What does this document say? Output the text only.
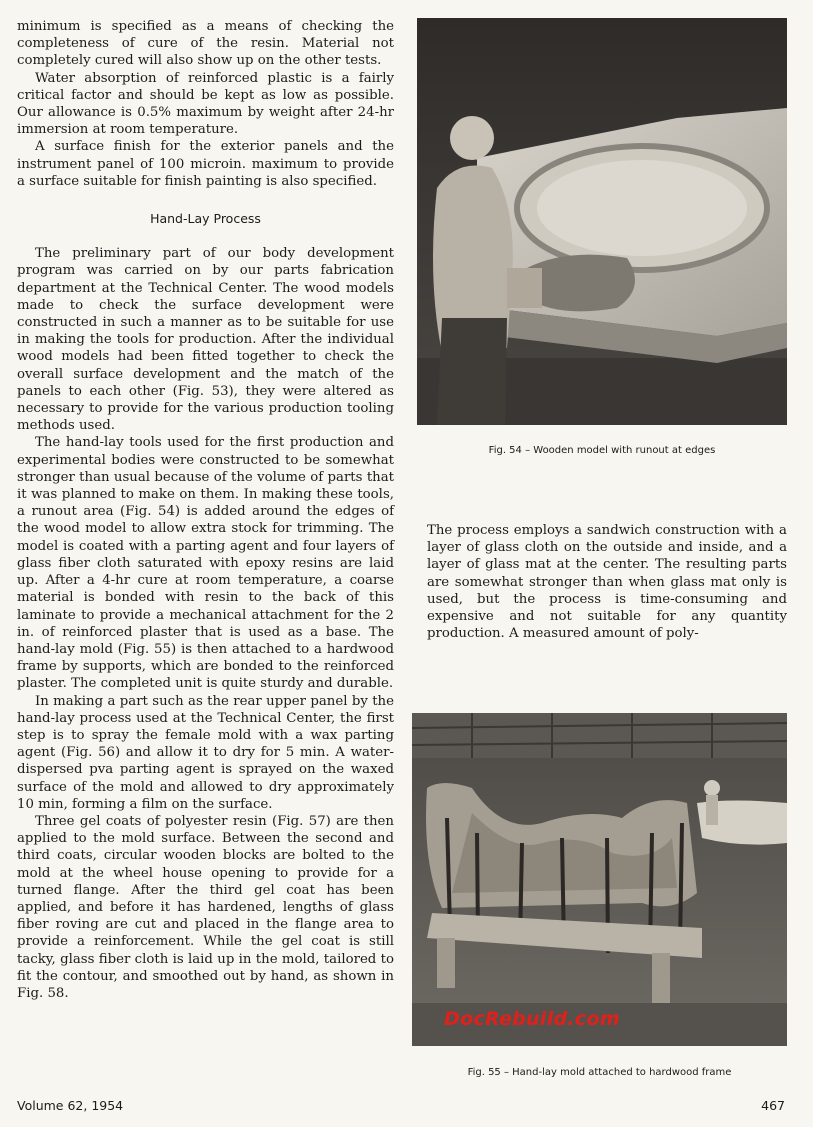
minimum is specified as a means of checking the completeness of cure of the resin. Material not completely cured will also show up on the other tests.

Water absorption of reinforced plastic is a fairly critical factor and should be kept as low as possible. Our allowance is 0.5% maximum by weight after 24-hr immersion at room temperature.

A surface finish for the exterior panels and the instrument panel of 100 microin. maximum to provide a surface suitable for finish painting is also specified.

Hand-Lay Process

The preliminary part of our body development program was carried on by our parts fabrication department at the Technical Center. The wood models made to check the surface development were constructed in such a manner as to be suitable for use in making the tools for production. After the individual wood models had been fitted together to check the overall surface development and the match of the panels to each other (Fig. 53), they were altered as necessary to provide for the various production tooling methods used.

The hand-lay tools used for the first production and experimental bodies were constructed to be somewhat stronger than usual because of the volume of parts that it was planned to make on them. In making these tools, a runout area (Fig. 54) is added around the edges of the wood model to allow extra stock for trimming. The model is coated with a parting agent and four layers of glass fiber cloth saturated with epoxy resins are laid up. After a 4-hr cure at room temperature, a coarse material is bonded with resin to the back of this laminate to provide a mechanical attachment for the 2 in. of reinforced plaster that is used as a base. The hand-lay mold (Fig. 55) is then attached to a hardwood frame by supports, which are bonded to the reinforced plaster. The completed unit is quite sturdy and durable.

In making a part such as the rear upper panel by the hand-lay process used at the Technical Center, the first step is to spray the female mold with a wax parting agent (Fig. 56) and allow it to dry for 5 min. A water-dispersed pva parting agent is sprayed on the waxed surface of the mold and allowed to dry approximately 10 min, forming a film on the surface.

Three gel coats of polyester resin (Fig. 57) are then applied to the mold surface. Between the second and third coats, circular wooden blocks are bolted to the mold at the wheel house opening to provide for a turned flange. After the third gel coat has been applied, and before it has hardened, lengths of glass fiber roving are cut and placed in the flange area to provide a reinforcement. While the gel coat is still tacky, glass fiber cloth is laid up in the mold, tailored to fit the contour, and smoothed out by hand, as shown in Fig. 58.

Fig. 54 – Wooden model with runout at edges

The process employs a sandwich construction with a layer of glass cloth on the outside and inside, and a layer of glass mat at the center. The resulting parts are somewhat stronger than when glass mat only is used, but the process is time-consuming and expensive and not suitable for any quantity production. A measured amount of poly-

Fig. 55 – Hand-lay mold attached to hardwood frame
DocRebuild.com
Volume 62, 1954	467
